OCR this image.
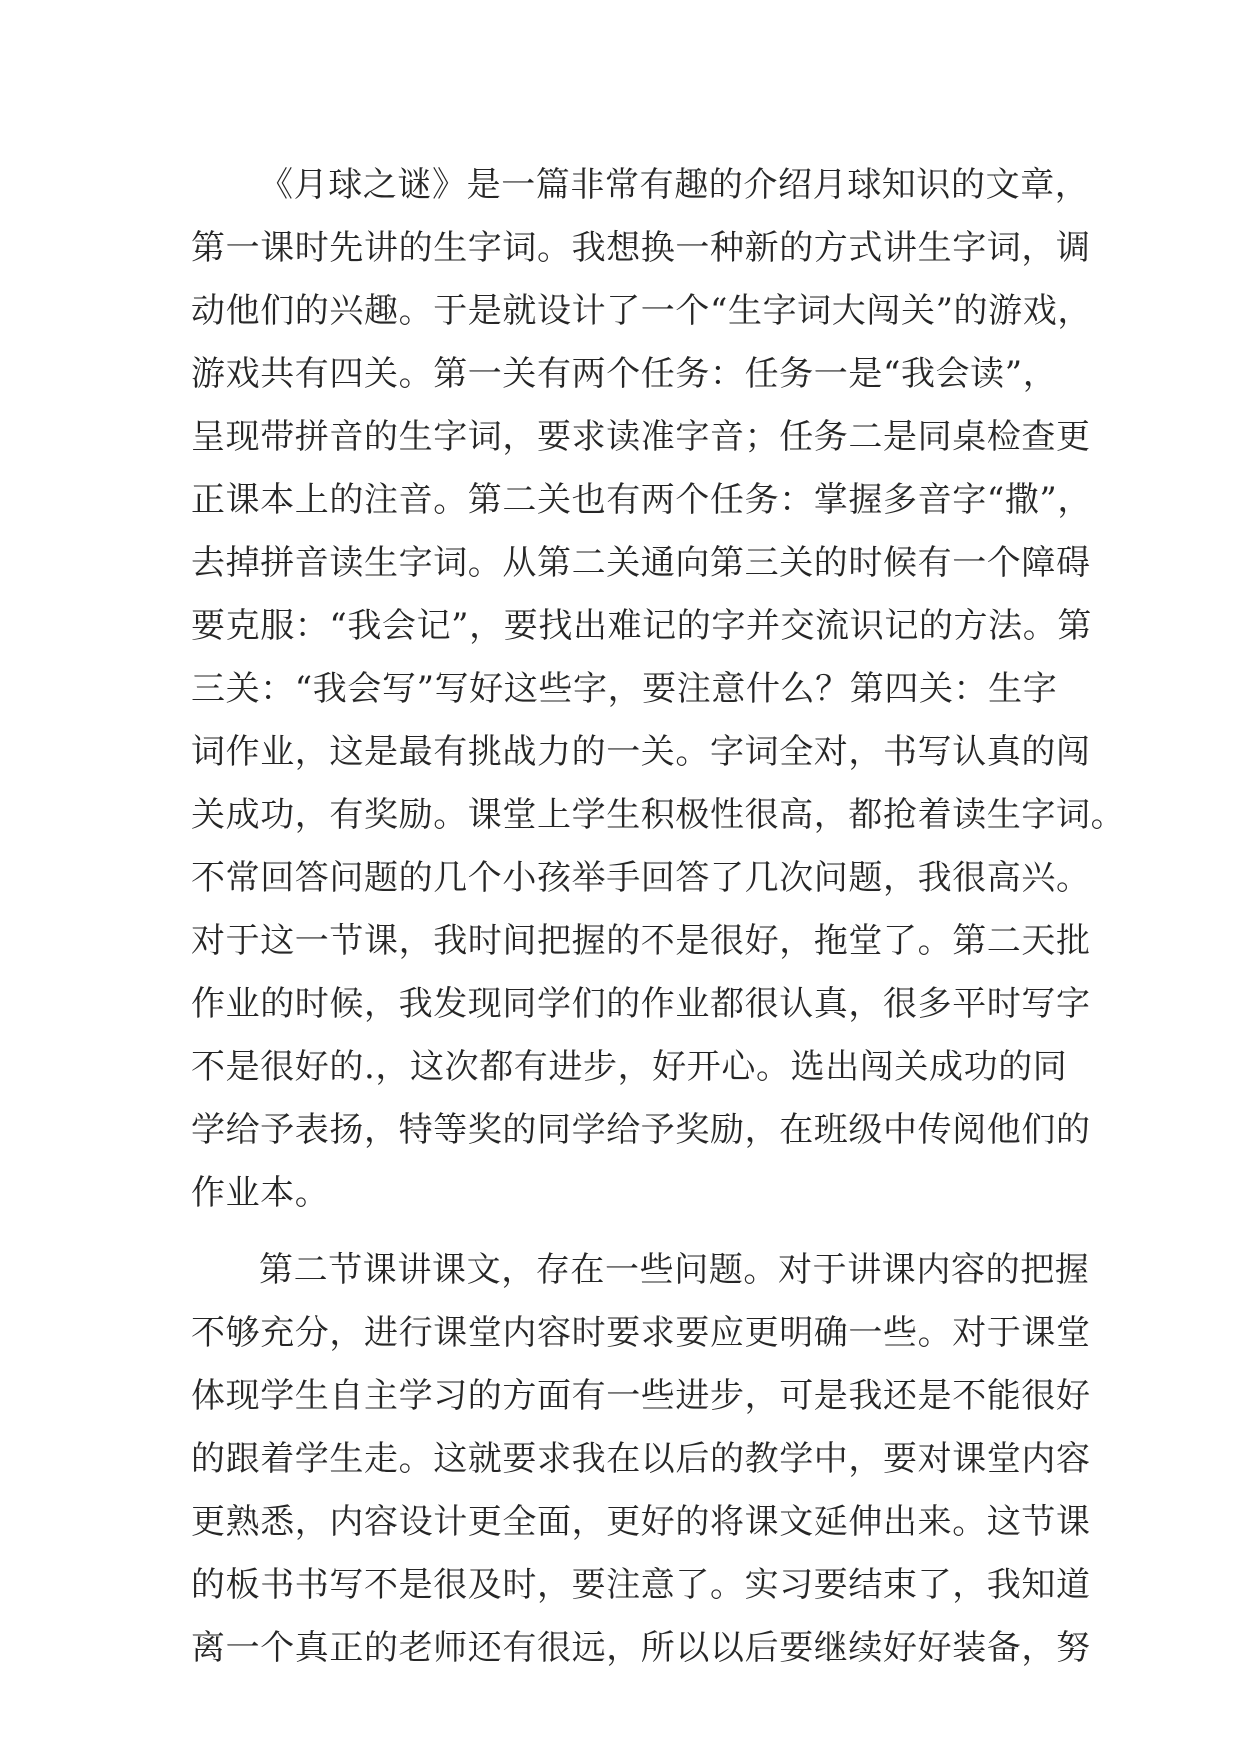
《月球之谜》是一篇非常有趣的介绍月球知识的文章，
第一课时先讲的生字词。我想换一种新的方式讲生字词，调
动他们的兴趣。于是就设计了一个“生字词大闯关”的游戏，
游戏共有四关。第一关有两个任务：任务一是“我会读”，
呈现带拼音的生字词，要求读准字音；任务二是同桌检查更
正课本上的注音。第二关也有两个任务：掌握多音字“撒”，
去掉拼音读生字词。从第二关通向第三关的时候有一个障碍
要克服：“我会记”，要找出难记的字并交流识记的方法。第
三关：“我会写”写好这些字，要注意什么？第四关：生字
词作业，这是最有挑战力的一关。字词全对，书写认真的闯
关成功，有奖励。课堂上学生积极性很高，都抢着读生字词。
不常回答问题的几个小孩举手回答了几次问题，我很高兴。
对于这一节课，我时间把握的不是很好，拖堂了。第二天批
作业的时候，我发现同学们的作业都很认真，很多平时写字
不是很好的.，这次都有进步，好开心。选出闯关成功的同
学给予表扬，特等奖的同学给予奖励，在班级中传阅他们的
作业本。
第二节课讲课文，存在一些问题。对于讲课内容的把握
不够充分，进行课堂内容时要求要应更明确一些。对于课堂
体现学生自主学习的方面有一些进步，可是我还是不能很好
的跟着学生走。这就要求我在以后的教学中，要对课堂内容
更熟悉，内容设计更全面，更好的将课文延伸出来。这节课
的板书书写不是很及时，要注意了。实习要结束了，我知道
离一个真正的老师还有很远，所以以后要继续好好装备，努
